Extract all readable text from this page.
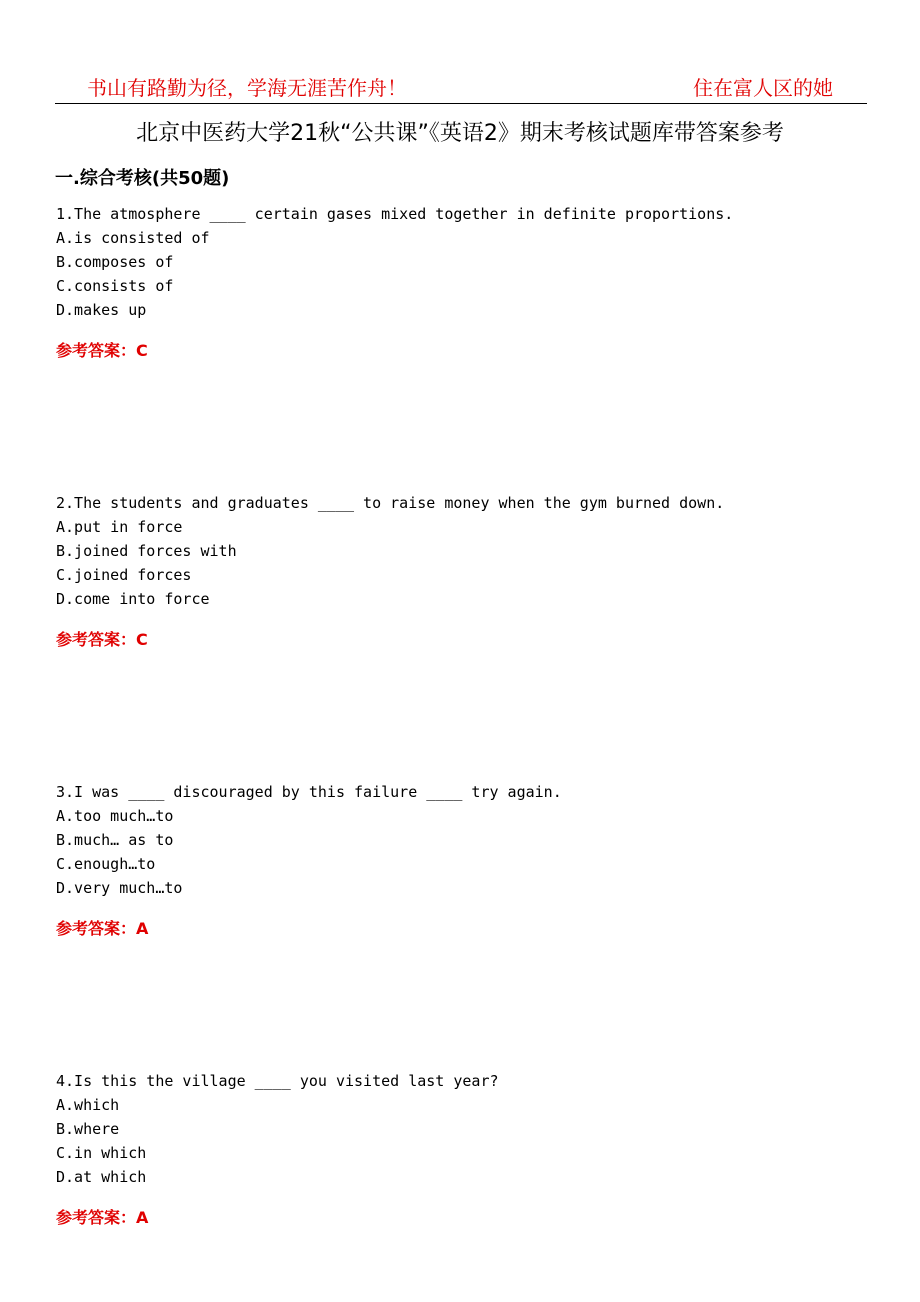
书山有路勤为径，学海无涯苦作舟！	住在富人区的她
北京中医药大学21秋“公共课”《英语2》期末考核试题库带答案参考
一.综合考核(共50题)
1.The atmosphere ____ certain gases mixed together in definite proportions.
A.is consisted of
B.composes of
C.consists of
D.makes up
参考答案：C
2.The students and graduates ____ to raise money when the gym burned down.
A.put in force
B.joined forces with
C.joined forces
D.come into force
参考答案：C
3.I was ____ discouraged by this failure ____ try again.
A.too much…to
B.much… as to
C.enough…to
D.very much…to
参考答案：A
4.Is this the village ____ you visited last year?
A.which
B.where
C.in which
D.at which
参考答案：A
